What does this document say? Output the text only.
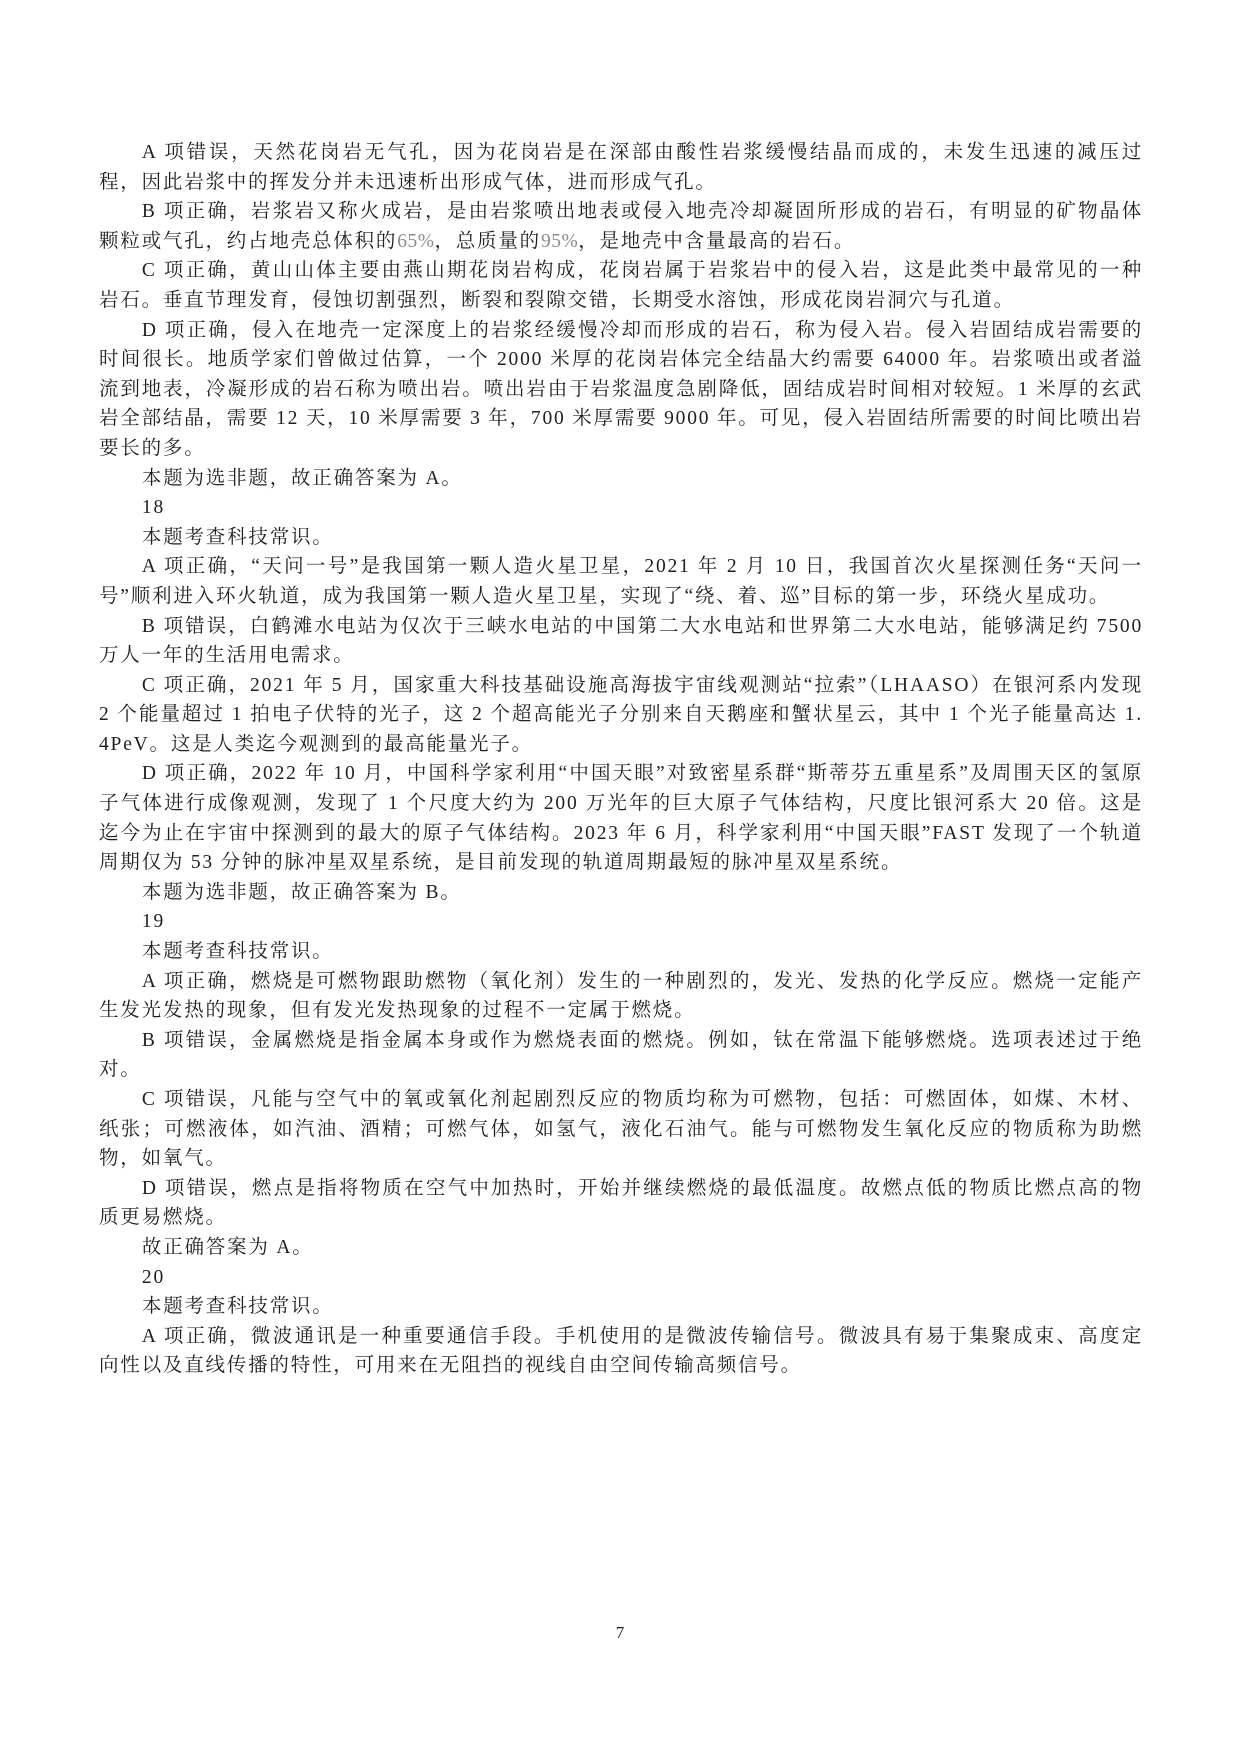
A 项错误，天然花岗岩无气孔，因为花岗岩是在深部由酸性岩浆缓慢结晶而成的，未发生迅速的减压过程，因此岩浆中的挥发分并未迅速析出形成气体，进而形成气孔。
B 项正确，岩浆岩又称火成岩，是由岩浆喷出地表或侵入地壳冷却凝固所形成的岩石，有明显的矿物晶体颗粒或气孔，约占地壳总体积的65%，总质量的95%，是地壳中含量最高的岩石。
C 项正确，黄山山体主要由燕山期花岗岩构成，花岗岩属于岩浆岩中的侵入岩，这是此类中最常见的一种岩石。垂直节理发育，侵蚀切割强烈，断裂和裂隙交错，长期受水溶蚀，形成花岗岩洞穴与孔道。
D 项正确，侵入在地壳一定深度上的岩浆经缓慢冷却而形成的岩石，称为侵入岩。侵入岩固结成岩需要的时间很长。地质学家们曾做过估算，一个 2000 米厚的花岗岩体完全结晶大约需要 64000 年。岩浆喷出或者溢流到地表，冷凝形成的岩石称为喷出岩。喷出岩由于岩浆温度急剧降低，固结成岩时间相对较短。1 米厚的玄武岩全部结晶，需要 12 天，10 米厚需要 3 年，700 米厚需要 9000 年。可见，侵入岩固结所需要的时间比喷出岩要长的多。
本题为选非题，故正确答案为 A。
18
本题考查科技常识。
A 项正确，“天问一号”是我国第一颗人造火星卫星，2021 年 2 月 10 日，我国首次火星探测任务“天问一号”顺利进入环火轨道，成为我国第一颗人造火星卫星，实现了“绕、着、巡”目标的第一步，环绕火星成功。
B 项错误，白鹤滩水电站为仅次于三峡水电站的中国第二大水电站和世界第二大水电站，能够满足约 7500 万人一年的生活用电需求。
C 项正确，2021 年 5 月，国家重大科技基础设施高海拔宇宙线观测站“拉索”（LHAASO）在银河系内发现 2 个能量超过 1 拍电子伏特的光子，这 2 个超高能光子分别来自天鹅座和蟹状星云，其中 1 个光子能量高达 1.4PeV。这是人类迄今观测到的最高能量光子。
D 项正确，2022 年 10 月，中国科学家利用“中国天眼”对致密星系群“斯蒂芬五重星系”及周围天区的氢原子气体进行成像观测，发现了 1 个尺度大约为 200 万光年的巨大原子气体结构，尺度比银河系大 20 倍。这是迄今为止在宇宙中探测到的最大的原子气体结构。2023 年 6 月，科学家利用“中国天眼”FAST 发现了一个轨道周期仅为 53 分钟的脉冲星双星系统，是目前发现的轨道周期最短的脉冲星双星系统。
本题为选非题，故正确答案为 B。
19
本题考查科技常识。
A 项正确，燃烧是可燃物跟助燃物（氧化剂）发生的一种剧烈的，发光、发热的化学反应。燃烧一定能产生发光发热的现象，但有发光发热现象的过程不一定属于燃烧。
B 项错误，金属燃烧是指金属本身或作为燃烧表面的燃烧。例如，钛在常温下能够燃烧。选项表述过于绝对。
C 项错误，凡能与空气中的氧或氧化剂起剧烈反应的物质均称为可燃物，包括：可燃固体，如煤、木材、纸张；可燃液体，如汽油、酒精；可燃气体，如氢气，液化石油气。能与可燃物发生氧化反应的物质称为助燃物，如氧气。
D 项错误，燃点是指将物质在空气中加热时，开始并继续燃烧的最低温度。故燃点低的物质比燃点高的物质更易燃烧。
故正确答案为 A。
20
本题考查科技常识。
A 项正确，微波通讯是一种重要通信手段。手机使用的是微波传输信号。微波具有易于集聚成束、高度定向性以及直线传播的特性，可用来在无阻挡的视线自由空间传输高频信号。
7
